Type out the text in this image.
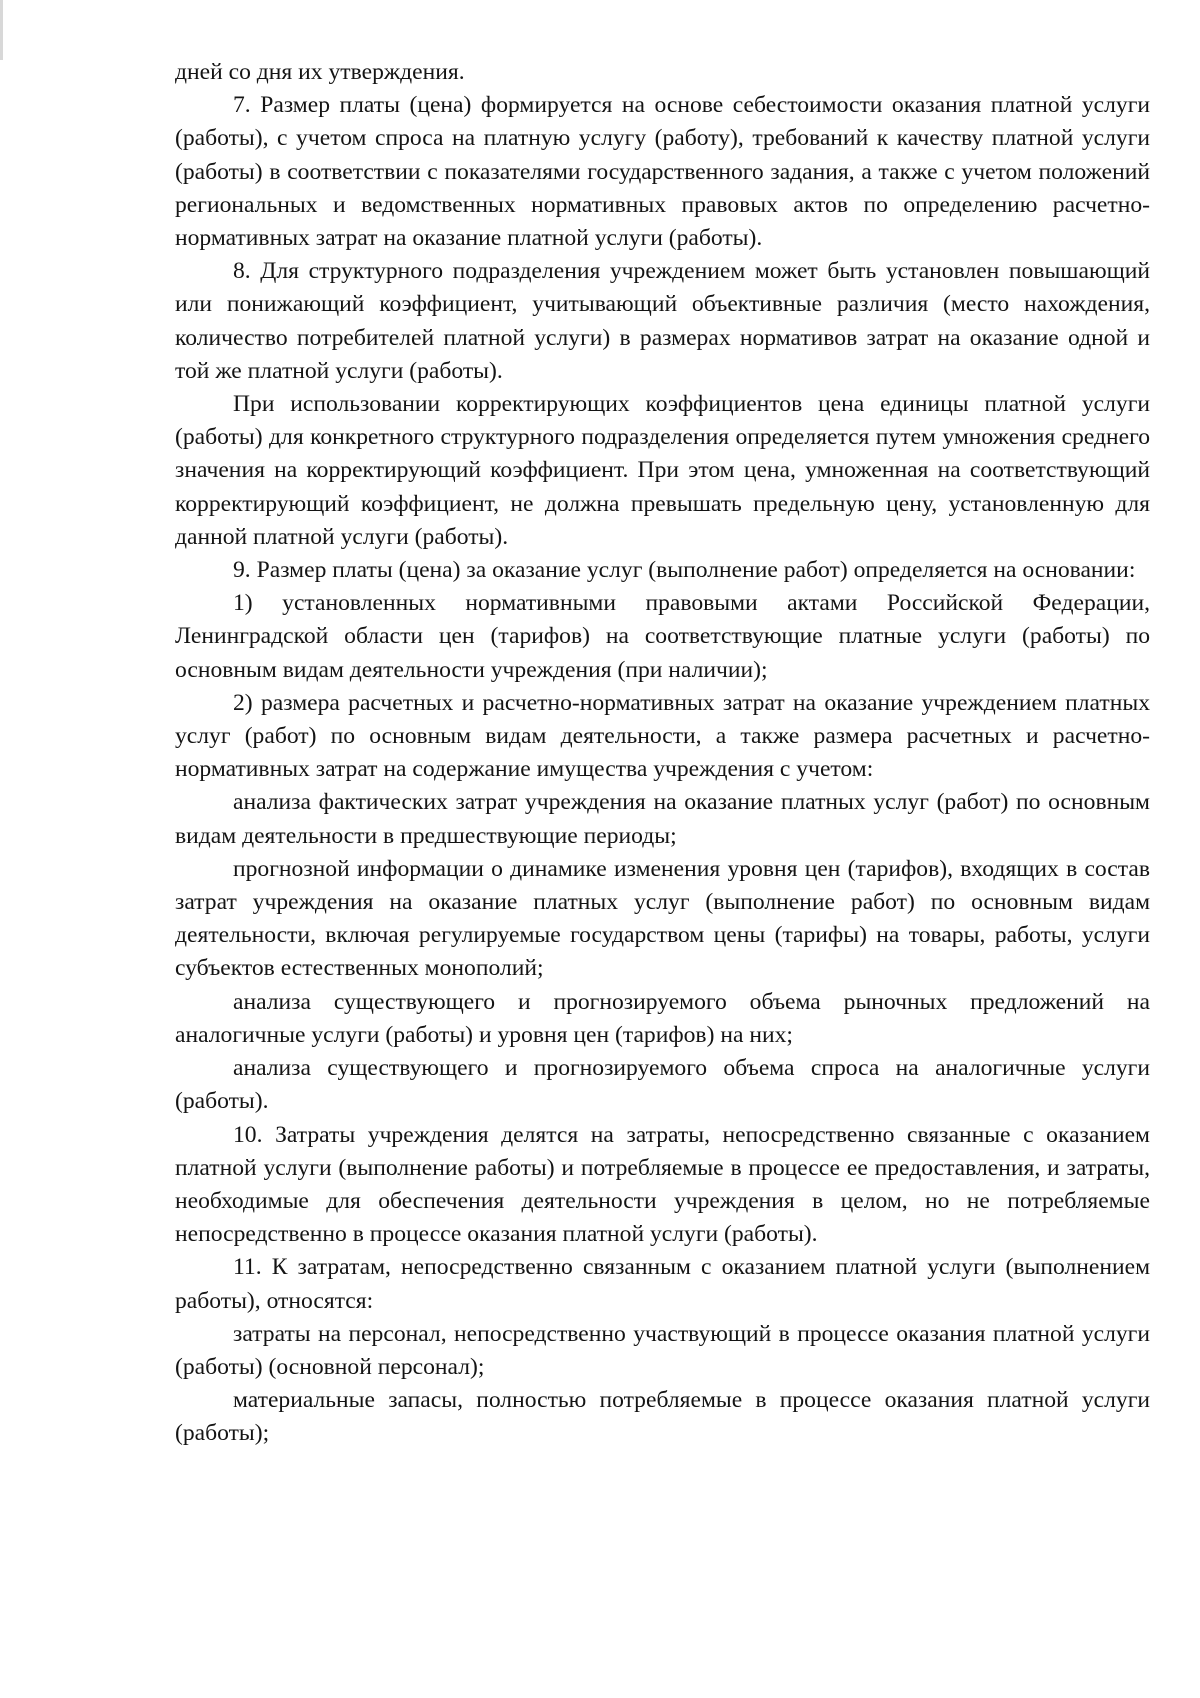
дней со дня их утверждения.

7. Размер платы (цена) формируется на основе себестоимости оказания платной услуги (работы), с учетом спроса на платную услугу (работу), требований к качеству платной услуги (работы) в соответствии с показателями государственного задания, а также с учетом положений региональных и ведомственных нормативных правовых актов по определению расчетно-нормативных затрат на оказание платной услуги (работы).

8. Для структурного подразделения учреждением может быть установлен повышающий или понижающий коэффициент, учитывающий объективные различия (место нахождения, количество потребителей платной услуги) в размерах нормативов затрат на оказание одной и той же платной услуги (работы).

При использовании корректирующих коэффициентов цена единицы платной услуги (работы) для конкретного структурного подразделения определяется путем умножения среднего значения на корректирующий коэффициент. При этом цена, умноженная на соответствующий корректирующий коэффициент, не должна превышать предельную цену, установленную для данной платной услуги (работы).

9. Размер платы (цена) за оказание услуг (выполнение работ) определяется на основании:

1) установленных нормативными правовыми актами Российской Федерации, Ленинградской области цен (тарифов) на соответствующие платные услуги (работы) по основным видам деятельности учреждения (при наличии);

2) размера расчетных и расчетно-нормативных затрат на оказание учреждением платных услуг (работ) по основным видам деятельности, а также размера расчетных и расчетно-нормативных затрат на содержание имущества учреждения с учетом:

анализа фактических затрат учреждения на оказание платных услуг (работ) по основным видам деятельности в предшествующие периоды;

прогнозной информации о динамике изменения уровня цен (тарифов), входящих в состав затрат учреждения на оказание платных услуг (выполнение работ) по основным видам деятельности, включая регулируемые государством цены (тарифы) на товары, работы, услуги субъектов естественных монополий;

анализа существующего и прогнозируемого объема рыночных предложений на аналогичные услуги (работы) и уровня цен (тарифов) на них;

анализа существующего и прогнозируемого объема спроса на аналогичные услуги (работы).

10. Затраты учреждения делятся на затраты, непосредственно связанные с оказанием платной услуги (выполнение работы) и потребляемые в процессе ее предоставления, и затраты, необходимые для обеспечения деятельности учреждения в целом, но не потребляемые непосредственно в процессе оказания платной услуги (работы).

11. К затратам, непосредственно связанным с оказанием платной услуги (выполнением работы), относятся:

затраты на персонал, непосредственно участвующий в процессе оказания платной услуги (работы) (основной персонал);

материальные запасы, полностью потребляемые в процессе оказания платной услуги (работы);
